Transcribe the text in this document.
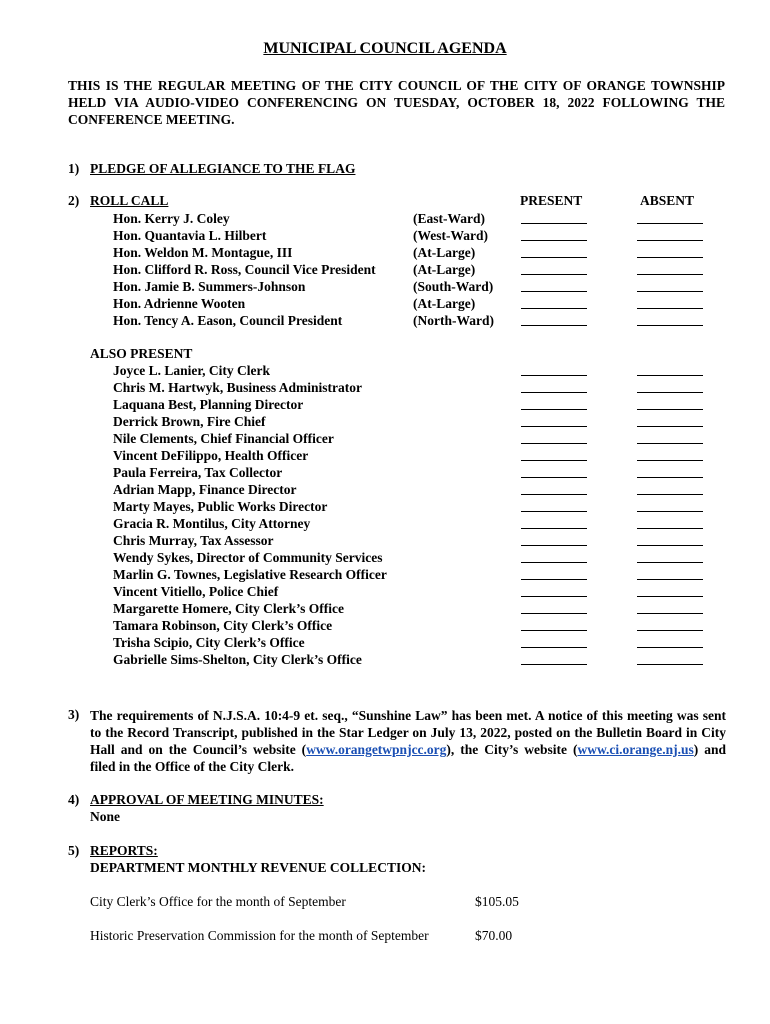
MUNICIPAL COUNCIL AGENDA
THIS IS THE REGULAR MEETING OF THE CITY COUNCIL OF THE CITY OF ORANGE TOWNSHIP HELD VIA AUDIO-VIDEO CONFERENCING ON TUESDAY, OCTOBER 18, 2022 FOLLOWING THE CONFERENCE MEETING.
1) PLEDGE OF ALLEGIANCE TO THE FLAG
2) ROLL CALL	PRESENT	ABSENT
Hon. Kerry J. Coley	(East-Ward)
Hon. Quantavia L. Hilbert	(West-Ward)
Hon. Weldon M. Montague, III	(At-Large)
Hon. Clifford R. Ross, Council Vice President	(At-Large)
Hon. Jamie B. Summers-Johnson	(South-Ward)
Hon. Adrienne Wooten	(At-Large)
Hon. Tency A. Eason, Council President	(North-Ward)
ALSO PRESENT
Joyce L. Lanier, City Clerk
Chris M. Hartwyk, Business Administrator
Laquana Best, Planning Director
Derrick Brown, Fire Chief
Nile Clements, Chief Financial Officer
Vincent DeFilippo, Health Officer
Paula Ferreira, Tax Collector
Adrian Mapp, Finance Director
Marty Mayes, Public Works Director
Gracia R. Montilus, City Attorney
Chris Murray, Tax Assessor
Wendy Sykes, Director of Community Services
Marlin G. Townes, Legislative Research Officer
Vincent Vitiello, Police Chief
Margarette Homere, City Clerk’s Office
Tamara Robinson, City Clerk’s Office
Trisha Scipio, City Clerk’s Office
Gabrielle Sims-Shelton, City Clerk’s Office
3) The requirements of N.J.S.A. 10:4-9 et. seq., “Sunshine Law” has been met. A notice of this meeting was sent to the Record Transcript, published in the Star Ledger on July 13, 2022, posted on the Bulletin Board in City Hall and on the Council’s website (www.orangetwpnjcc.org), the City’s website (www.ci.orange.nj.us) and filed in the Office of the City Clerk.
4) APPROVAL OF MEETING MINUTES:
None
5) REPORTS:
DEPARTMENT MONTHLY REVENUE COLLECTION:
City Clerk’s Office for the month of September	$105.05
Historic Preservation Commission for the month of September	$70.00
